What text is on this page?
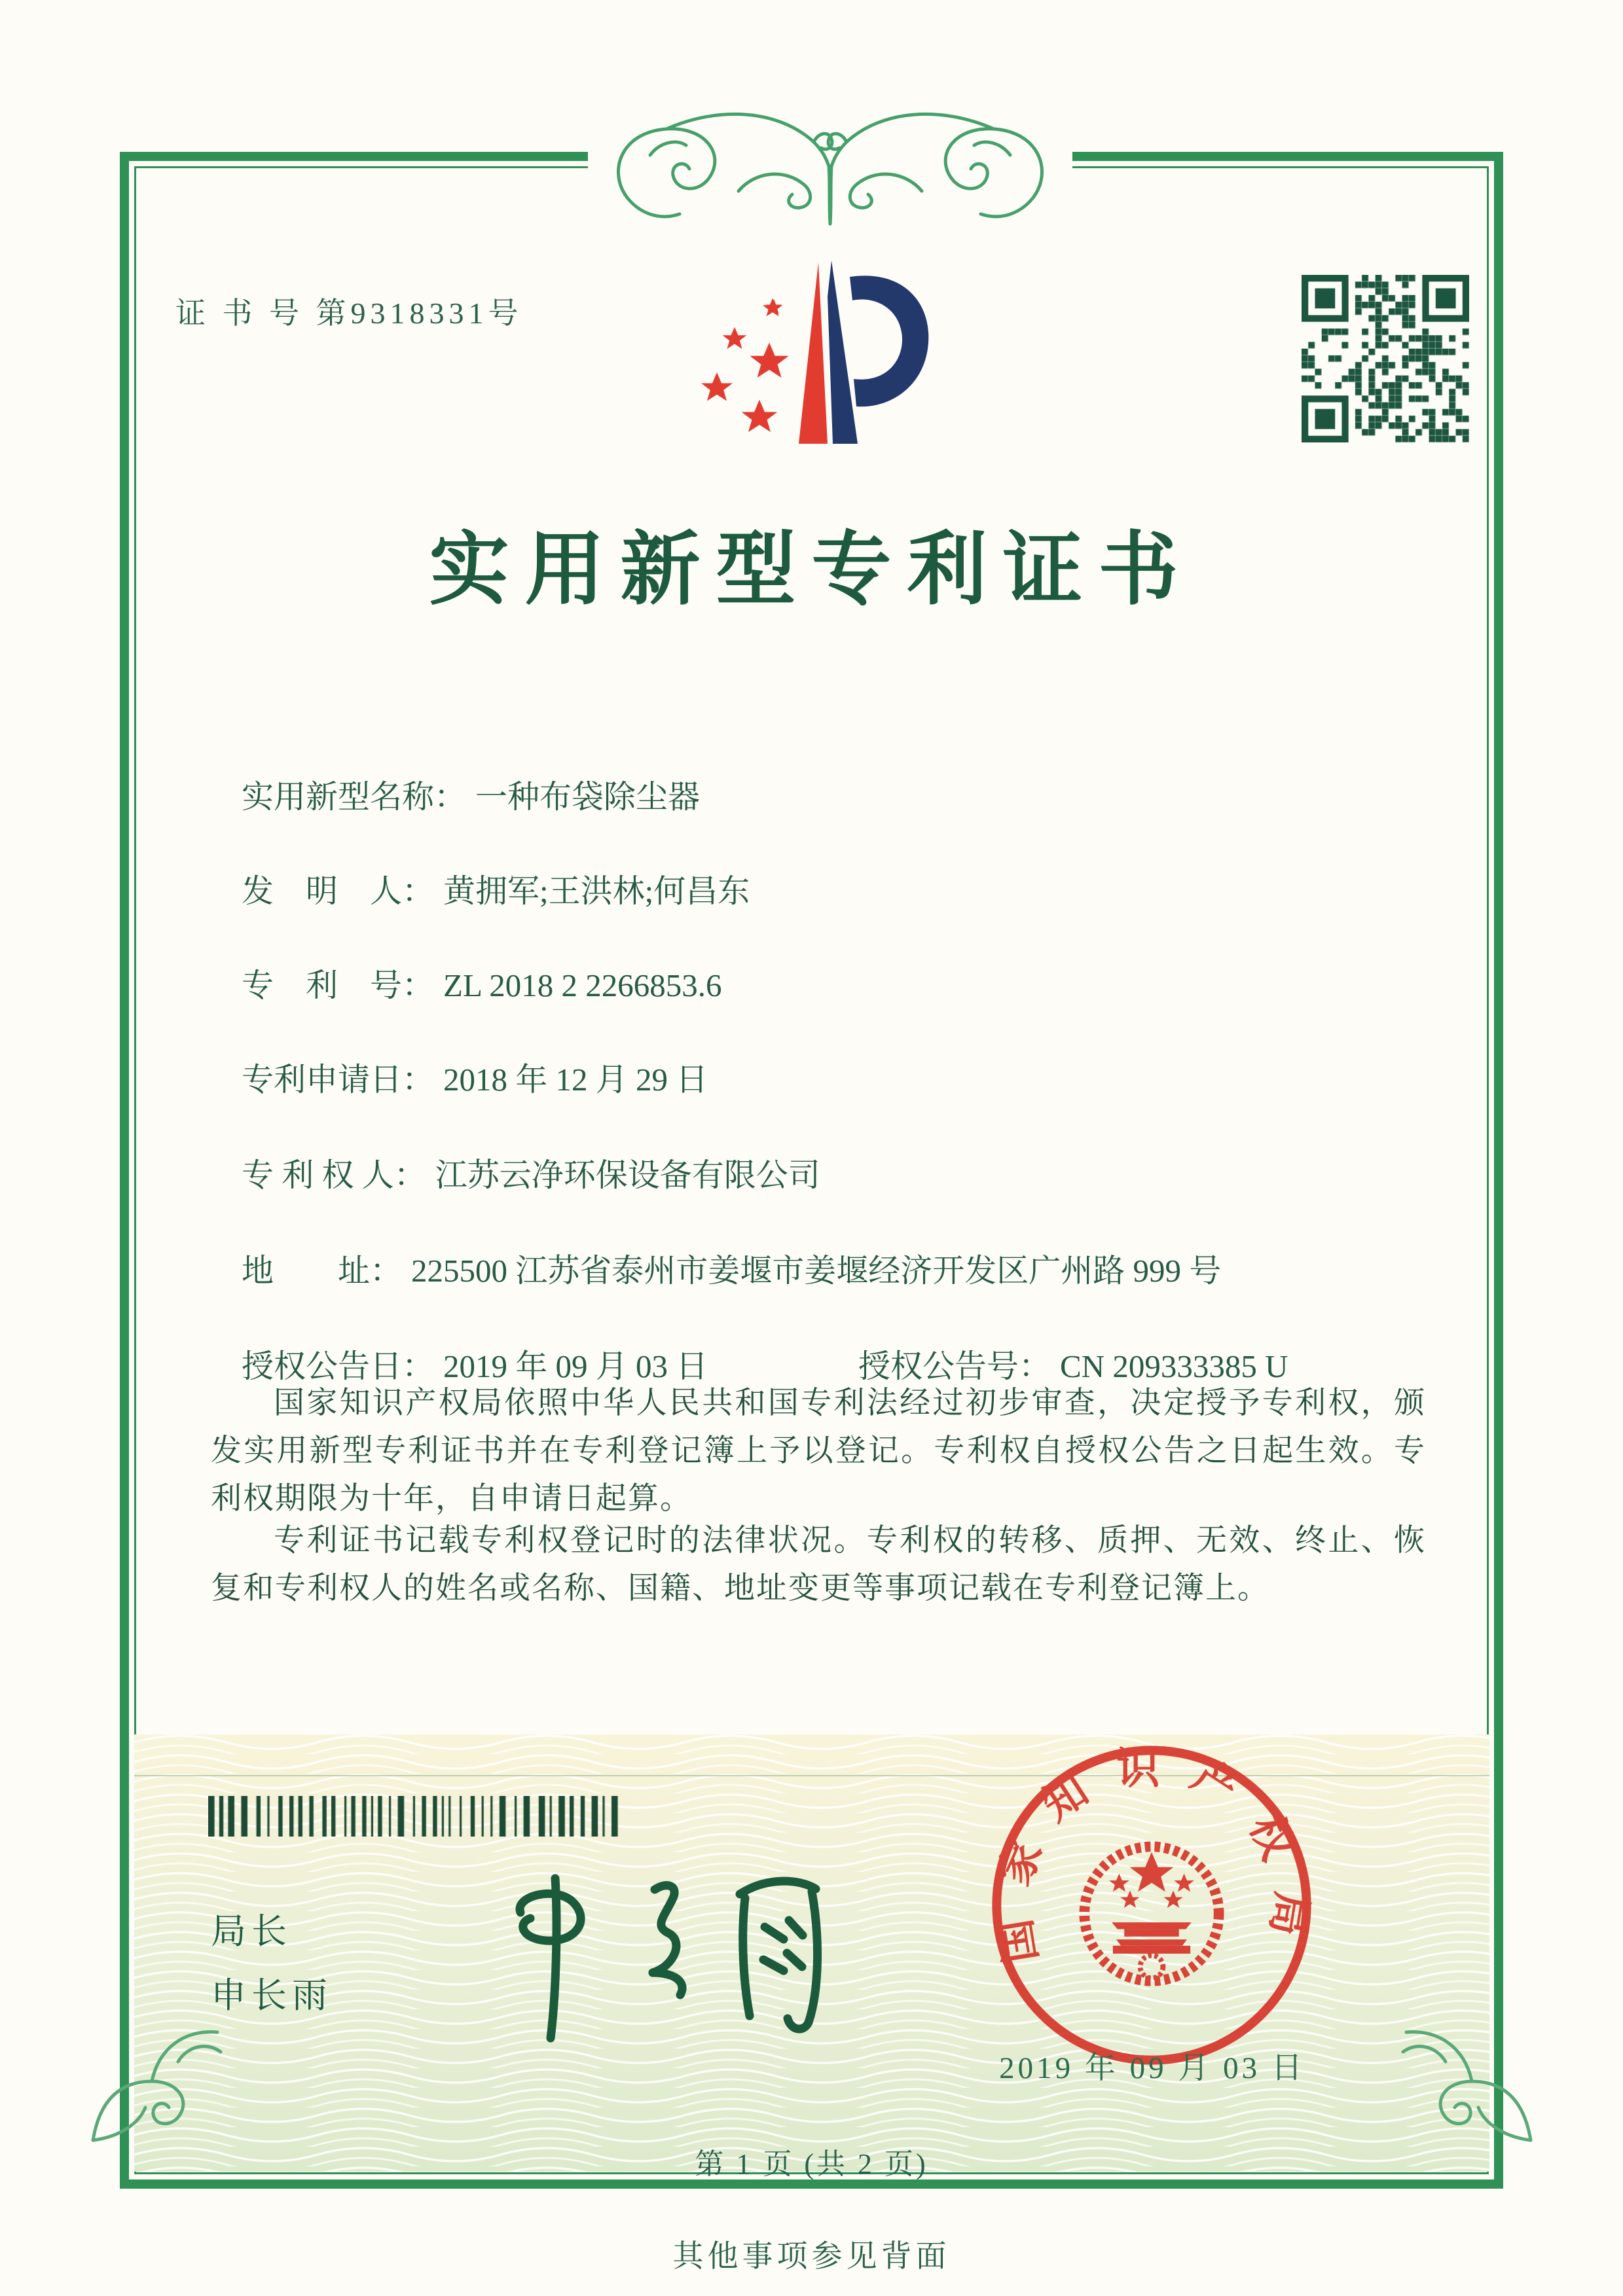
证 书 号 第9318331号
实用新型专利证书

实用新型名称： 一种布袋除尘器

发　明　人： 黄拥军;王洪林;何昌东

专　利　号： ZL 2018 2 2266853.6

专利申请日： 2018 年 12 月 29 日

专 利 权 人： 江苏云净环保设备有限公司

地　　址： 225500 江苏省泰州市姜堰市姜堰经济开发区广州路 999 号

授权公告日： 2019 年 09 月 03 日
	授权公告号： CN 209333385 U

国家知识产权局依照中华人民共和国专利法经过初步审查，决定授予专利权，颁发实用新型专利证书并在专利登记簿上予以登记。专利权自授权公告之日起生效。专利权期限为十年，自申请日起算。
专利证书记载专利权登记时的法律状况。专利权的转移、质押、无效、终止、恢复和专利权人的姓名或名称、国籍、地址变更等事项记载在专利登记簿上。
局长
申长雨
国家知识产权局
2019 年 09 月 03 日
第 1 页 (共 2 页)
其他事项参见背面
